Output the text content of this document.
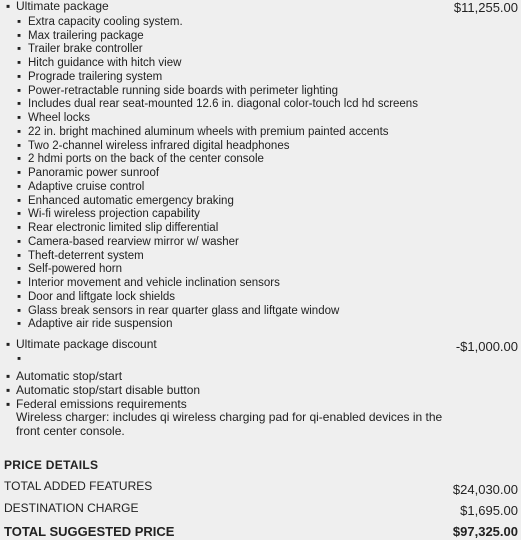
▪ Ultimate package	$11,255.00
▪ Extra capacity cooling system.
▪ Max trailering package
▪ Trailer brake controller
▪ Hitch guidance with hitch view
▪ Prograde trailering system
▪ Power-retractable running side boards with perimeter lighting
▪ Includes dual rear seat-mounted 12.6 in. diagonal color-touch lcd hd screens
▪ Wheel locks
▪ 22 in. bright machined aluminum wheels with premium painted accents
▪ Two 2-channel wireless infrared digital headphones
▪ 2 hdmi ports on the back of the center console
▪ Panoramic power sunroof
▪ Adaptive cruise control
▪ Enhanced automatic emergency braking
▪ Wi-fi wireless projection capability
▪ Rear electronic limited slip differential
▪ Camera-based rearview mirror w/ washer
▪ Theft-deterrent system
▪ Self-powered horn
▪ Interior movement and vehicle inclination sensors
▪ Door and liftgate lock shields
▪ Glass break sensors in rear quarter glass and liftgate window
▪ Adaptive air ride suspension
▪ Ultimate package discount	-$1,000.00
▪
▪ Automatic stop/start
▪ Automatic stop/start disable button
▪ Federal emissions requirements
Wireless charger: includes qi wireless charging pad for qi-enabled devices in the front center console.
PRICE DETAILS
TOTAL ADDED FEATURES	$24,030.00
DESTINATION CHARGE	$1,695.00
TOTAL SUGGESTED PRICE	$97,325.00
